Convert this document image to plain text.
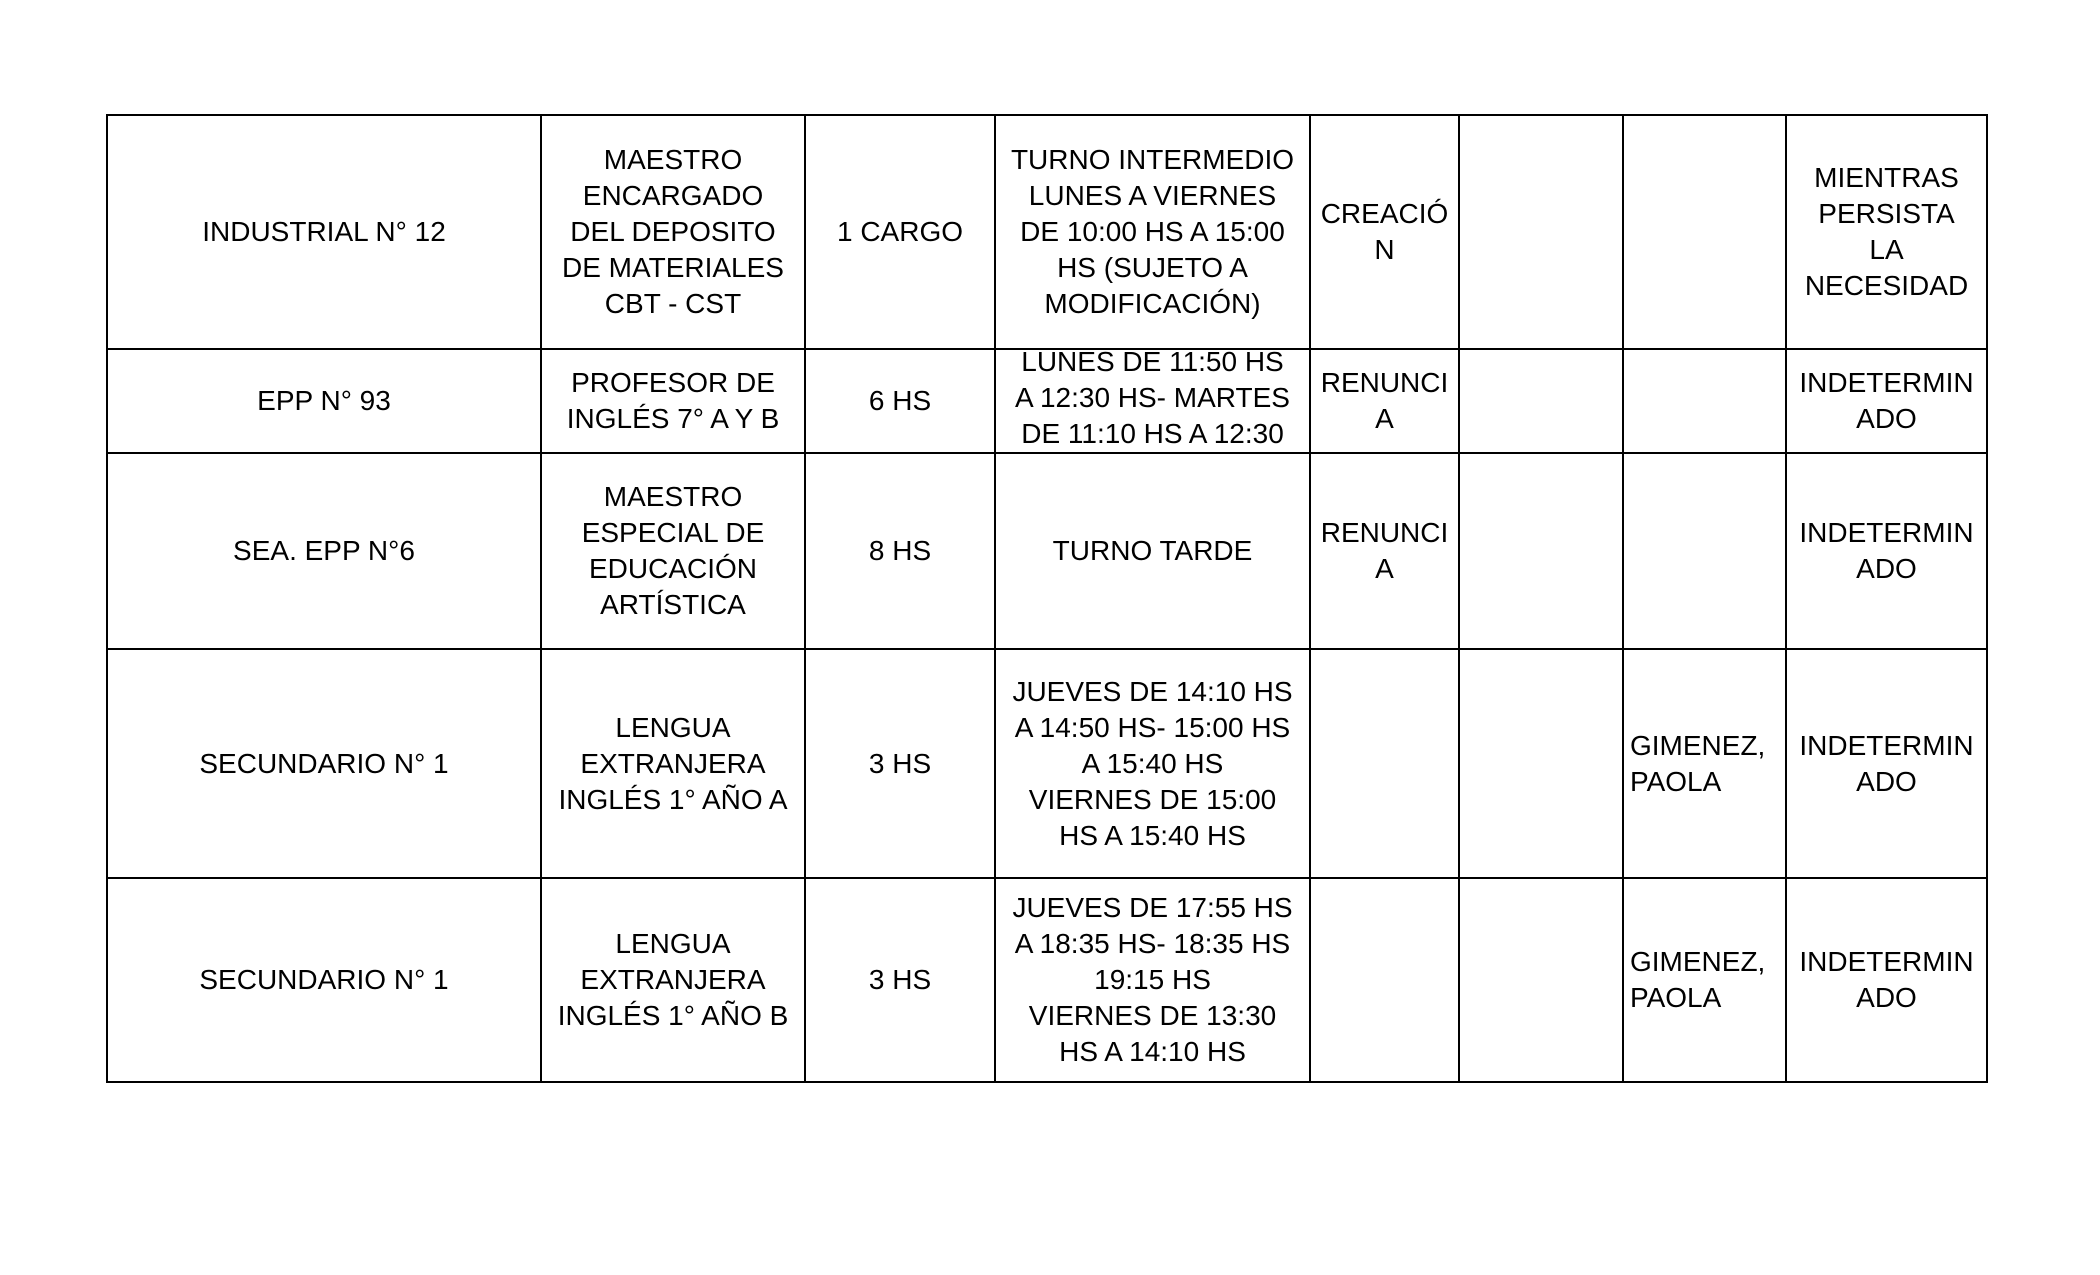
INDUSTRIAL N° 12	MAESTRO
ENCARGADO
DEL DEPOSITO
DE MATERIALES
CBT - CST	1 CARGO	TURNO INTERMEDIO
LUNES A VIERNES
DE 10:00 HS A 15:00
HS (SUJETO A
MODIFICACIÓN)	CREACIÓ
N			MIENTRAS
PERSISTA
LA
NECESIDAD
EPP N° 93	PROFESOR DE
INGLÉS 7° A Y B	6 HS	LUNES DE 11:50 HS
A 12:30 HS- MARTES
DE 11:10 HS A 12:30	RENUNCI
A			INDETERMIN
ADO
SEA. EPP N°6	MAESTRO
ESPECIAL DE
EDUCACIÓN
ARTÍSTICA	8 HS	TURNO TARDE	RENUNCI
A			INDETERMIN
ADO
SECUNDARIO N° 1	LENGUA
EXTRANJERA
INGLÉS 1° AÑO A	3 HS	JUEVES DE 14:10 HS
A 14:50 HS- 15:00 HS
A 15:40 HS
VIERNES DE 15:00
HS A 15:40 HS			GIMENEZ,
PAOLA	INDETERMIN
ADO
SECUNDARIO N° 1	LENGUA
EXTRANJERA
INGLÉS 1° AÑO B	3 HS	JUEVES DE 17:55 HS
A 18:35 HS- 18:35 HS
19:15 HS
VIERNES DE 13:30
HS A 14:10 HS			GIMENEZ,
PAOLA	INDETERMIN
ADO
